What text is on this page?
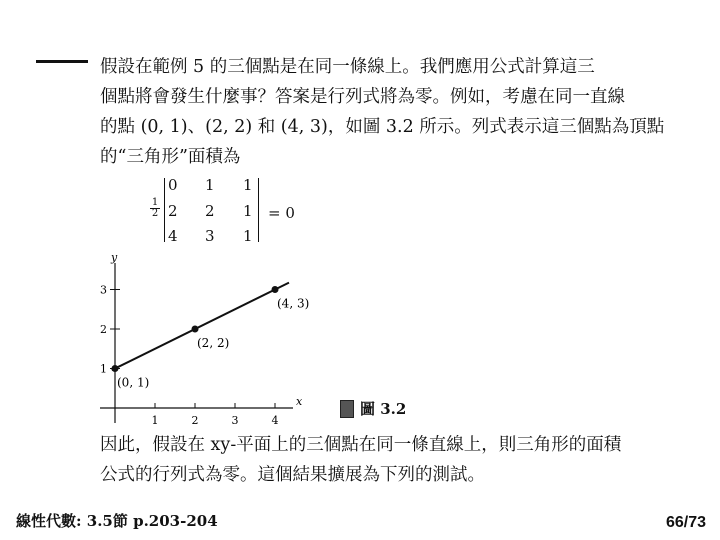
假設在範例 5 的三個點是在同一條線上。我們應用公式計算這三
個點將會發生什麼事？答案是行列式將為零。例如，考慮在同一直線
的點 (0, 1)、(2, 2) 和 (4, 3)，如圖 3.2 所示。列式表示這三個點為頂點
的“三角形”面積為

$\frac{1}{2}$
0	1	1
2	2	1
4	3	1
= 0
x
y
1	2	3	4
1
2
3
(0, 1)
(2, 2)
(4, 3)
圖 3.2

因此，假設在 xy-平面上的三個點在同一條直線上，則三角形的面積
公式的行列式為零。這個結果擴展為下列的測試。

線性代數: 3.5節 p.203-204	66/73
